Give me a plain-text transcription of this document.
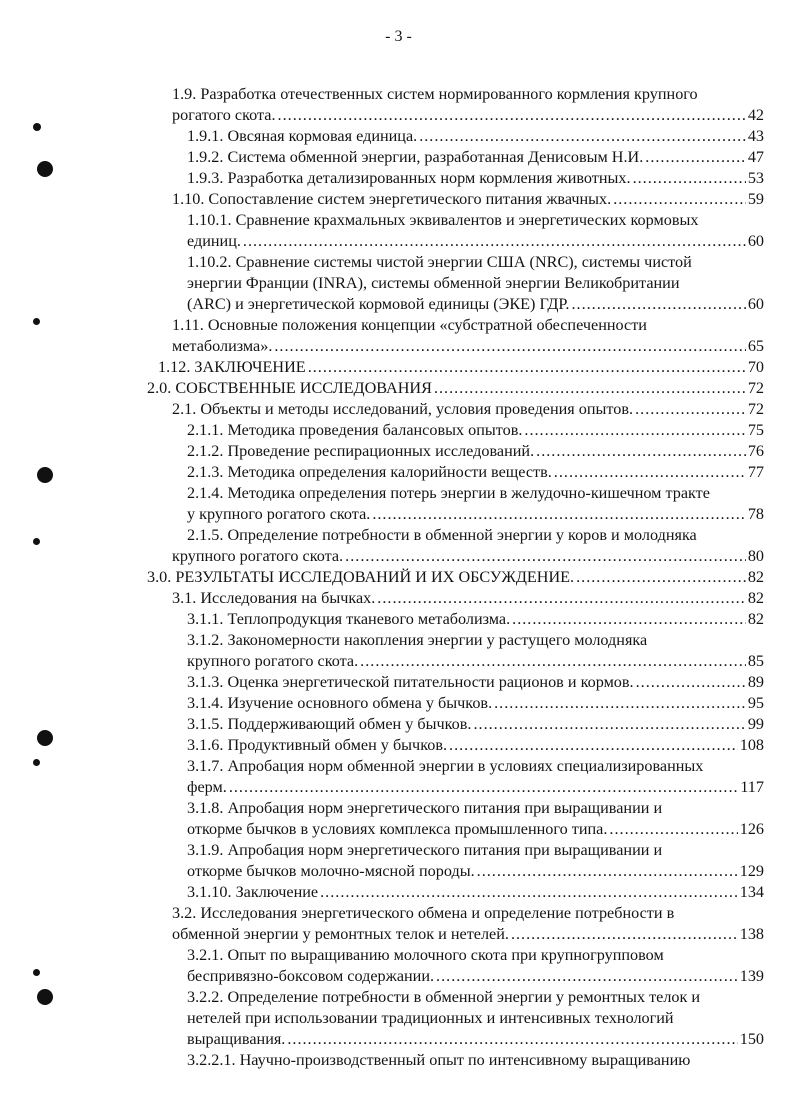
- 3 -
1.9. Разработка отечественных систем нормированного кормления крупного
рогатого скота. .....	42
1.9.1. Овсяная кормовая единица. .....	43
1.9.2. Система обменной энергии, разработанная Денисовым Н.И. .....	47
1.9.3. Разработка детализированных норм кормления животных. .....	53
1.10. Сопоставление систем энергетического питания жвачных. .....	59
1.10.1. Сравнение крахмальных эквивалентов и энергетических кормовых
единиц. .....	60
1.10.2. Сравнение системы чистой энергии США (NRC), системы чистой
энергии Франции (INRA), системы обменной энергии Великобритании
(ARC) и энергетической кормовой единицы (ЭКЕ) ГДР. .....	60
1.11. Основные положения концепции «субстратной обеспеченности
метаболизма». .....	65
1.12. ЗАКЛЮЧЕНИЕ .....	70
2.0. СОБСТВЕННЫЕ ИССЛЕДОВАНИЯ .....	72
2.1. Объекты и методы исследований, условия проведения опытов. .....	72
2.1.1. Методика проведения балансовых опытов. .....	75
2.1.2. Проведение респирационных исследований. .....	76
2.1.3. Методика определения калорийности веществ. .....	77
2.1.4. Методика определения потерь энергии в желудочно-кишечном тракте
у крупного рогатого скота. .....	78
2.1.5. Определение потребности в обменной энергии у коров и молодняка
крупного рогатого скота. .....	80
3.0. РЕЗУЛЬТАТЫ ИССЛЕДОВАНИЙ И ИХ ОБСУЖДЕНИЕ. .....	82
3.1. Исследования на бычках. .....	82
3.1.1. Теплопродукция тканевого метаболизма. .....	82
3.1.2. Закономерности накопления энергии у растущего молодняка
крупного рогатого скота. .....	85
3.1.3. Оценка энергетической питательности рационов и кормов. .....	89
3.1.4. Изучение основного обмена у бычков. .....	95
3.1.5. Поддерживающий обмен у бычков. .....	99
3.1.6. Продуктивный обмен у бычков. .....	108
3.1.7. Апробация норм обменной энергии в условиях специализированных
ферм. .....	117
3.1.8. Апробация норм энергетического питания при выращивании и
откорме бычков в условиях комплекса промышленного типа. .....	126
3.1.9. Апробация норм энергетического питания при выращивании и
откорме бычков молочно-мясной породы. .....	129
3.1.10. Заключение .....	134
3.2. Исследования энергетического обмена и определение потребности в
обменной энергии у ремонтных телок и нетелей. .....	138
3.2.1. Опыт по выращиванию молочного скота при крупногрупповом
беспривязно-боксовом содержании. .....	139
3.2.2. Определение потребности в обменной энергии у ремонтных телок и
нетелей при использовании традиционных и интенсивных технологий
выращивания. .....	150
3.2.2.1. Научно-производственный опыт по интенсивному выращиванию
